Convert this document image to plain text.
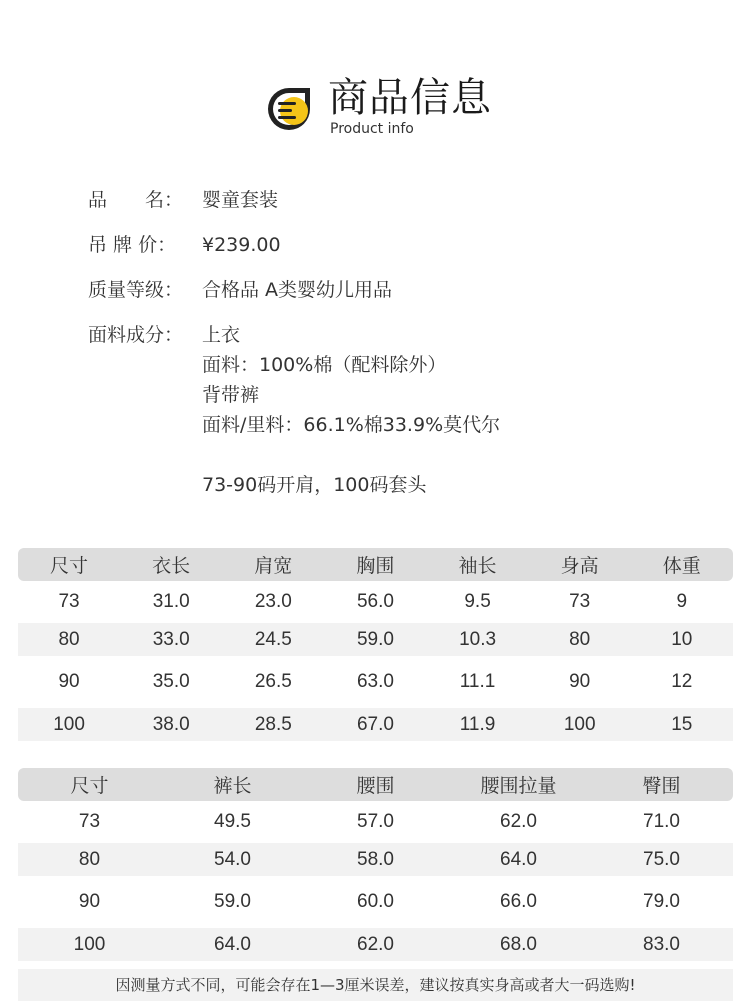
商品信息
Product info
品　　名： 婴童套装
吊 牌 价：	¥239.00
质量等级： 合格品 A类婴幼儿用品
面料成分： 上衣
面料：100%棉（配料除外）
背带裤
面料/里料：66.1%棉33.9%莫代尔
73-90码开肩，100码套头
尺寸	衣长	肩宽	胸围	袖长	身高	体重
73	31.0	23.0	56.0	9.5	73	9
80	33.0	24.5	59.0	10.3	80	10
90	35.0	26.5	63.0	11.1	90	12
100	38.0	28.5	67.0	11.9	100	15
尺寸	裤长	腰围	腰围拉量	臀围
73	49.5	57.0	62.0	71.0
80	54.0	58.0	64.0	75.0
90	59.0	60.0	66.0	79.0
100	64.0	62.0	68.0	83.0
因测量方式不同，可能会存在1—3厘米误差，建议按真实身高或者大一码选购!
